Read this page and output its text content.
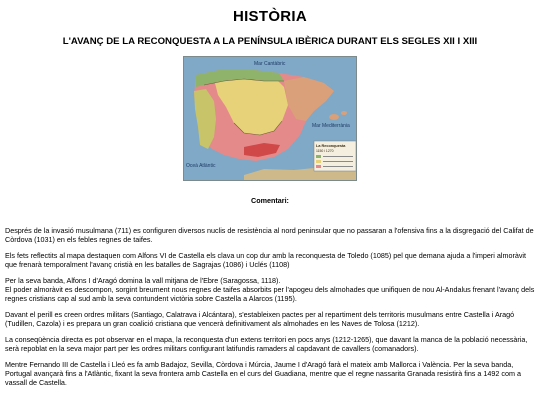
HISTÒRIA
L'AVANÇ DE LA RECONQUESTA A LA PENÍNSULA IBÈRICA DURANT ELS SEGLES XII I XIII
Mar Cantàbric
Mar Mediterrània
Oceà Atlàntic
La Reconquesta
1150 i 1270
Comentari:

Després de la invasió musulmana (711) es configuren diversos nuclis de resistència al nord peninsular que no passaran a l'ofensiva fins a la disgregació del Califat de Còrdova (1031) en els febles regnes de taifes.

Els fets reflectits al mapa destaquen com Alfons VI de Castella els clava un cop dur amb la reconquesta de Toledo (1085) pel que demana ajuda a l'imperi almoràvit que frenarà temporalment l'avanç cristià en les batalles de Sagrajas (1086) i Uclés (1108)

Per la seva banda, Alfons I d'Aragó domina la vall mitjana de l'Ebre (Saragossa, 1118).

El poder almoràvit es descompon, sorgint breument nous regnes de taifes absorbits per l'apogeu dels almohades que unifiquen de nou Al-Andalus frenant l'avanç dels regnes cristians cap al sud amb la seva contundent victòria sobre Castella a Alarcos (1195).

Davant el perill es creen ordres militars (Santiago, Calatrava i Alcántara), s'estableixen pactes per al repartiment dels territoris musulmans entre Castella i Aragó (Tudillen, Cazola) i es prepara un gran coalició cristiana que vencerà definitivament als almohades en les Naves de Tolosa (1212).

La conseqüència directa es pot observar en el mapa, la reconquesta d'un extens territori en pocs anys (1212-1265), que davant la manca de la població necessària, serà repoblat en la seva major part per les ordres militars configurant latifundis ramaders al capdavant de cavallers (comanadors).

Mentre Fernando III de Castella i Lleó es fa amb Badajoz, Sevilla, Còrdova i Múrcia, Jaume I d'Aragó farà el mateix amb Mallorca i València. Per la seva banda, Portugal avançarà fins a l'Atlàntic, fixant la seva frontera amb Castella en el curs del Guadiana, mentre que el regne nassarita Granada resistirà fins a 1492 com a vassall de Castella.
